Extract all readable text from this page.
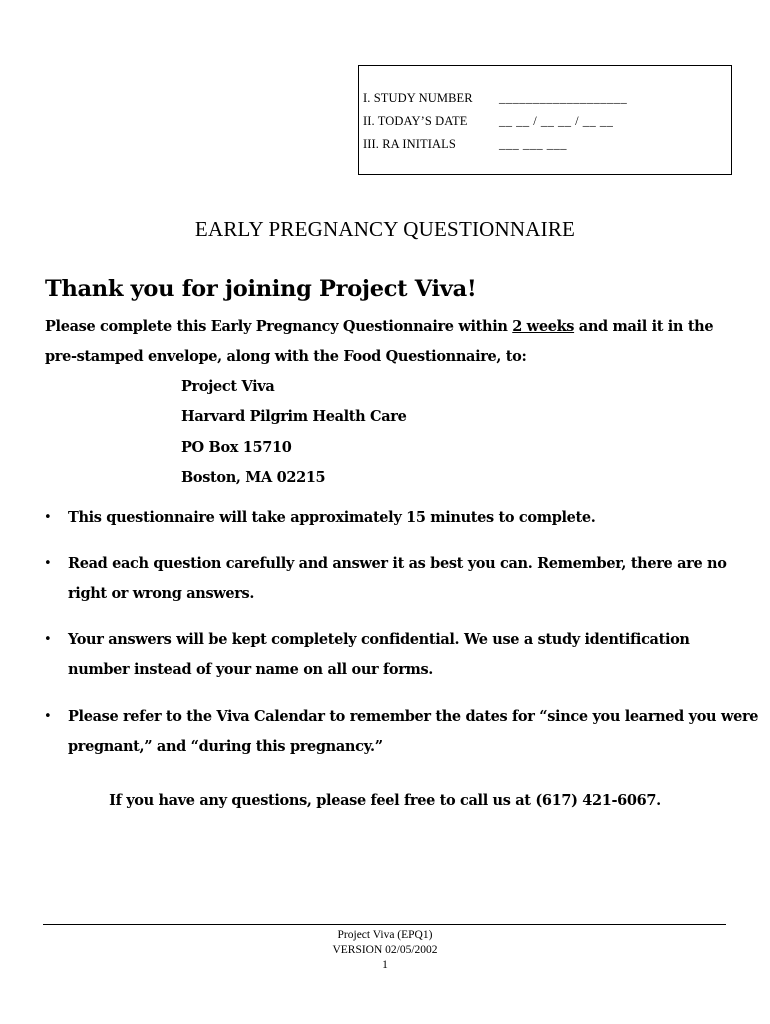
I. STUDY NUMBER	___________________
II. TODAY’S DATE	__ __ / __ __ / __ __
III. RA INITIALS	___ ___ ___
EARLY PREGNANCY QUESTIONNAIRE
Thank you for joining Project Viva!
Please complete this Early Pregnancy Questionnaire within 2 weeks and mail it in the
pre-stamped envelope, along with the Food Questionnaire, to:
Project Viva
Harvard Pilgrim Health Care
PO Box 15710
Boston, MA 02215
• This questionnaire will take approximately 15 minutes to complete.
• Read each question carefully and answer it as best you can. Remember, there are no
right or wrong answers.
• Your answers will be kept completely confidential. We use a study identification
number instead of your name on all our forms.
• Please refer to the Viva Calendar to remember the dates for “since you learned you were
pregnant,” and “during this pregnancy.”
If you have any questions, please feel free to call us at (617) 421-6067.
Project Viva (EPQ1)
VERSION 02/05/2002
1
